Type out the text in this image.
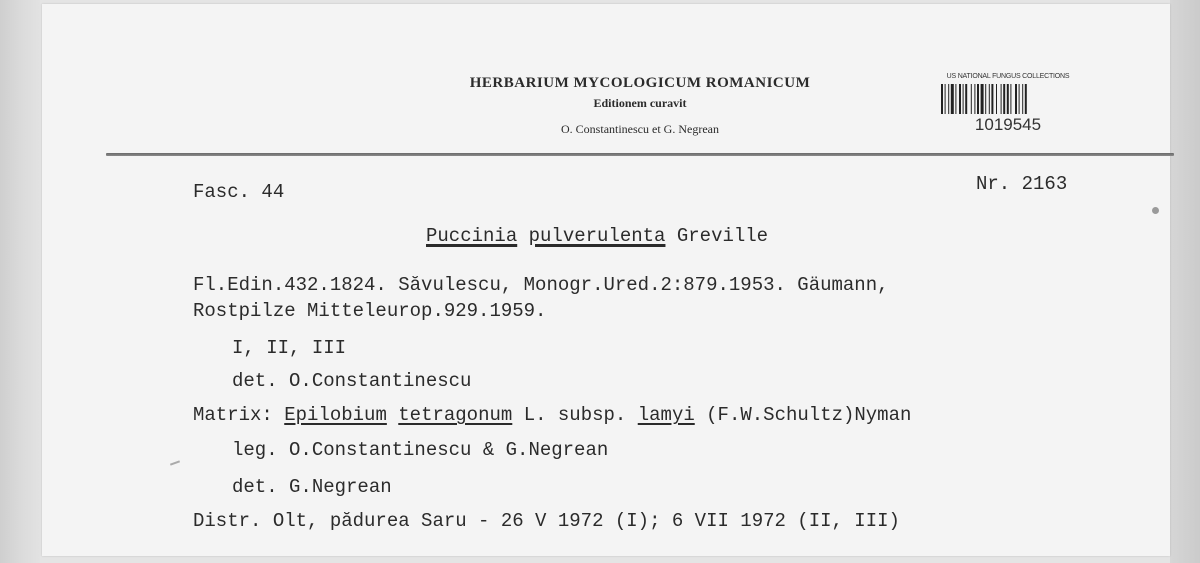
HERBARIUM MYCOLOGICUM ROMANICUM
Editionem curavit
O. Constantinescu et G. Negrean
US NATIONAL FUNGUS COLLECTIONS
1019545
Fasc. 44	Nr. 2163
Puccinia pulverulenta Greville
Fl.Edin.432.1824. Săvulescu, Monogr.Ured.2:879.1953. Gäumann,
Rostpilze Mitteleurop.929.1959.
I, II, III
det. O.Constantinescu
Matrix: Epilobium tetragonum L. subsp. lamyi (F.W.Schultz)Nyman
leg. O.Constantinescu & G.Negrean
det. G.Negrean
Distr. Olt, pădurea Saru - 26 V 1972 (I); 6 VII 1972 (II, III)
